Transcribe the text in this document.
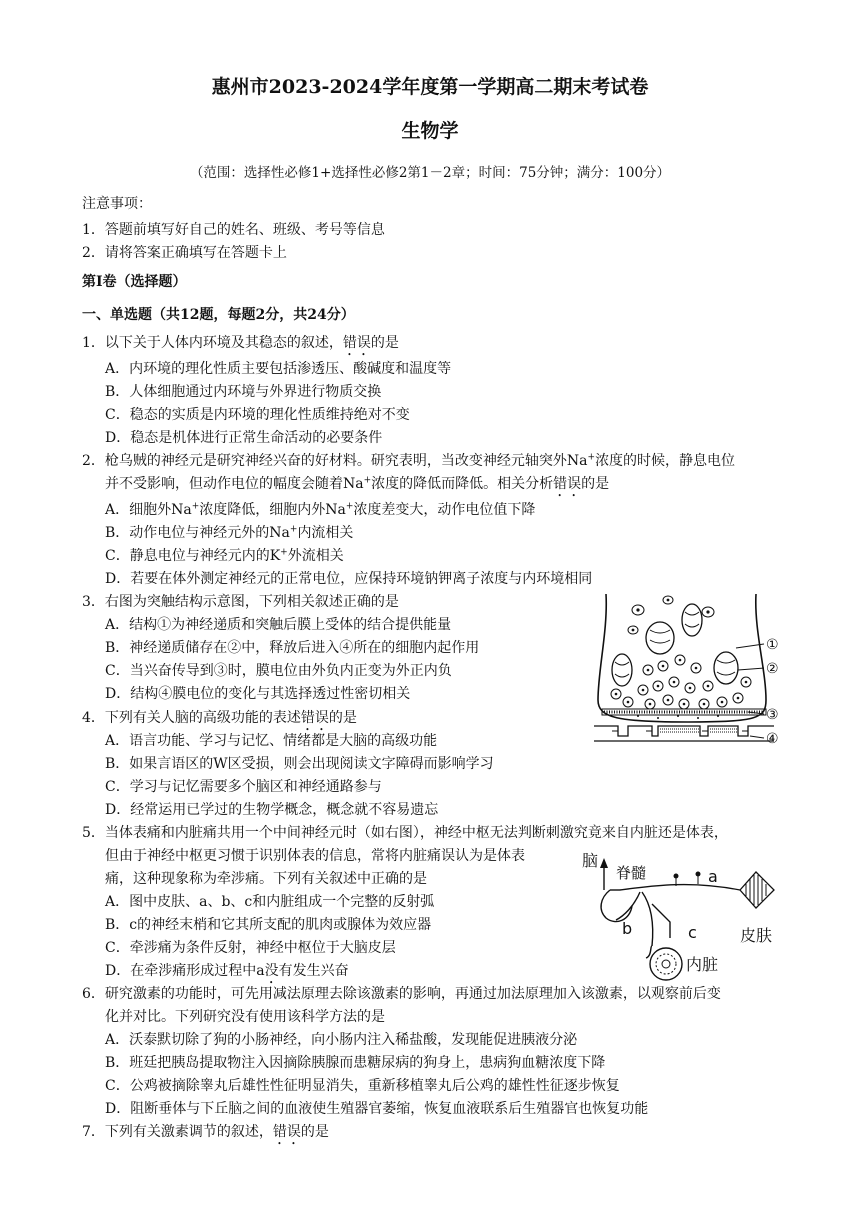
惠州市2023-2024学年度第一学期高二期末考试卷
生物学
（范围：选择性必修1+选择性必修2第1－2章；时间：75分钟；满分：100分）
注意事项：
1．答题前填写好自己的姓名、班级、考号等信息
2．请将答案正确填写在答题卡上
第Ⅰ卷（选择题）
一、单选题（共12题，每题2分，共24分）
1．以下关于人体内环境及其稳态的叙述，错误的是
A．内环境的理化性质主要包括渗透压、酸碱度和温度等
B．人体细胞通过内环境与外界进行物质交换
C．稳态的实质是内环境的理化性质维持绝对不变
D．稳态是机体进行正常生命活动的必要条件
2．枪乌贼的神经元是研究神经兴奋的好材料。研究表明，当改变神经元轴突外Na+浓度的时候，静息电位
并不受影响，但动作电位的幅度会随着Na+浓度的降低而降低。相关分析错误的是
A．细胞外Na+浓度降低，细胞内外Na+浓度差变大，动作电位值下降
B．动作电位与神经元外的Na+内流相关
C．静息电位与神经元内的K+外流相关
D．若要在体外测定神经元的正常电位，应保持环境钠钾离子浓度与内环境相同
3．右图为突触结构示意图，下列相关叙述正确的是
A．结构①为神经递质和突触后膜上受体的结合提供能量
B．神经递质储存在②中，释放后进入④所在的细胞内起作用
C．当兴奋传导到③时，膜电位由外负内正变为外正内负
D．结构④膜电位的变化与其选择透过性密切相关
①
②
③
④
4．下列有关人脑的高级功能的表述错误的是
A．语言功能、学习与记忆、情绪都是大脑的高级功能
B．如果言语区的W区受损，则会出现阅读文字障碍而影响学习
C．学习与记忆需要多个脑区和神经通路参与
D．经常运用已学过的生物学概念，概念就不容易遗忘
5．当体表痛和内脏痛共用一个中间神经元时（如右图），神经中枢无法判断刺激究竟来自内脏还是体表，
但由于神经中枢更习惯于识别体表的信息，常将内脏痛误认为是体表
痛，这种现象称为牵涉痛。下列有关叙述中正确的是
A．图中皮肤、a、b、c和内脏组成一个完整的反射弧
B．c的神经末梢和它其所支配的肌肉或腺体为效应器
C．牵涉痛为条件反射，神经中枢位于大脑皮层
D．在牵涉痛形成过程中a没有发生兴奋
脑
脊髓	a
b	c	皮肤
内脏
6．研究激素的功能时，可先用减法原理去除该激素的影响，再通过加法原理加入该激素，以观察前后变
化并对比。下列研究没有使用该科学方法的是
A．沃泰默切除了狗的小肠神经，向小肠内注入稀盐酸，发现能促进胰液分泌
B．班廷把胰岛提取物注入因摘除胰腺而患糖尿病的狗身上，患病狗血糖浓度下降
C．公鸡被摘除睾丸后雄性性征明显消失，重新移植睾丸后公鸡的雄性性征逐步恢复
D．阻断垂体与下丘脑之间的血液使生殖器官萎缩，恢复血液联系后生殖器官也恢复功能
7．下列有关激素调节的叙述，错误的是
